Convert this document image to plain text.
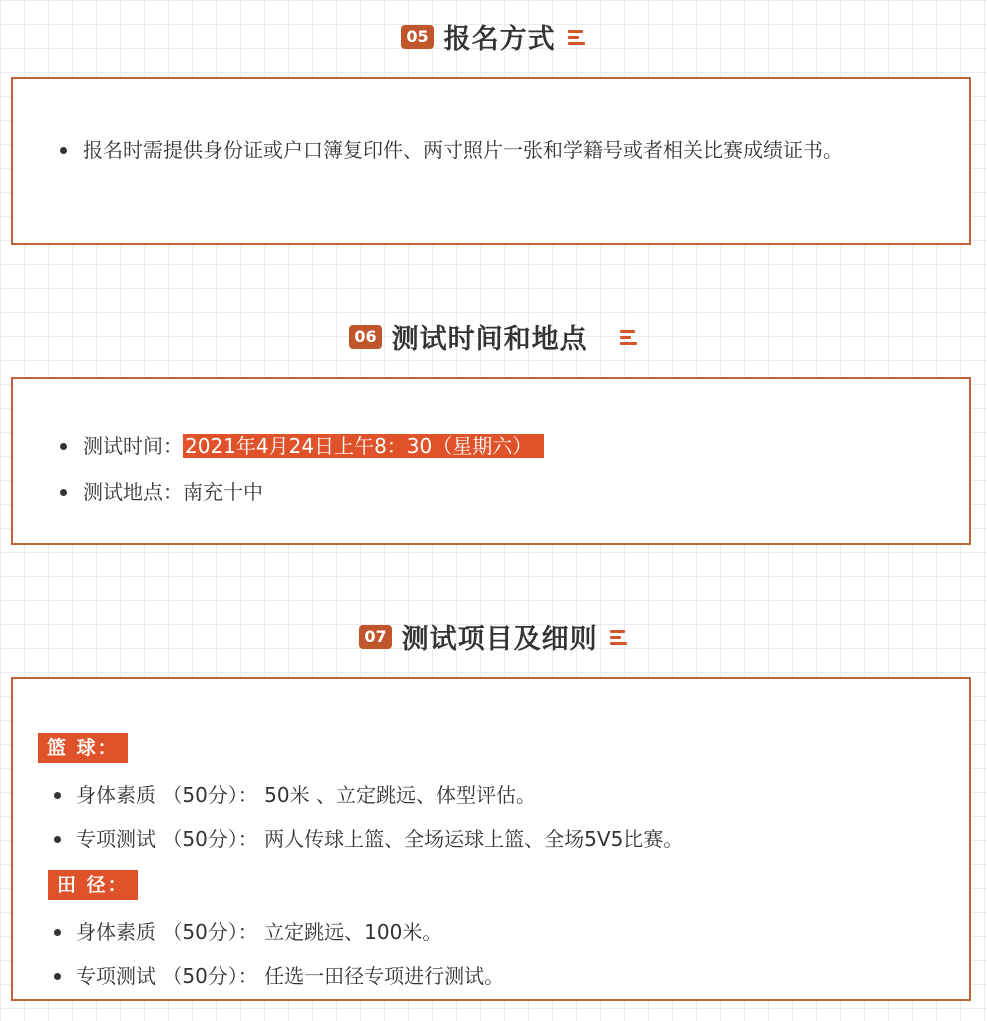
05 报名方式
报名时需提供身份证或户口簿复印件、两寸照片一张和学籍号或者相关比赛成绩证书。
06 测试时间和地点
测试时间： 2021年4月24日上午8：30（星期六）
测试地点：南充十中
07 测试项目及细则
篮 球：
身体素质 （50分）： 50米 、立定跳远、体型评估。
专项测试 （50分）： 两人传球上篮、全场运球上篮、全场5V5比赛。
田 径：
身体素质 （50分）： 立定跳远、100米。
专项测试 （50分）： 任选一田径专项进行测试。
